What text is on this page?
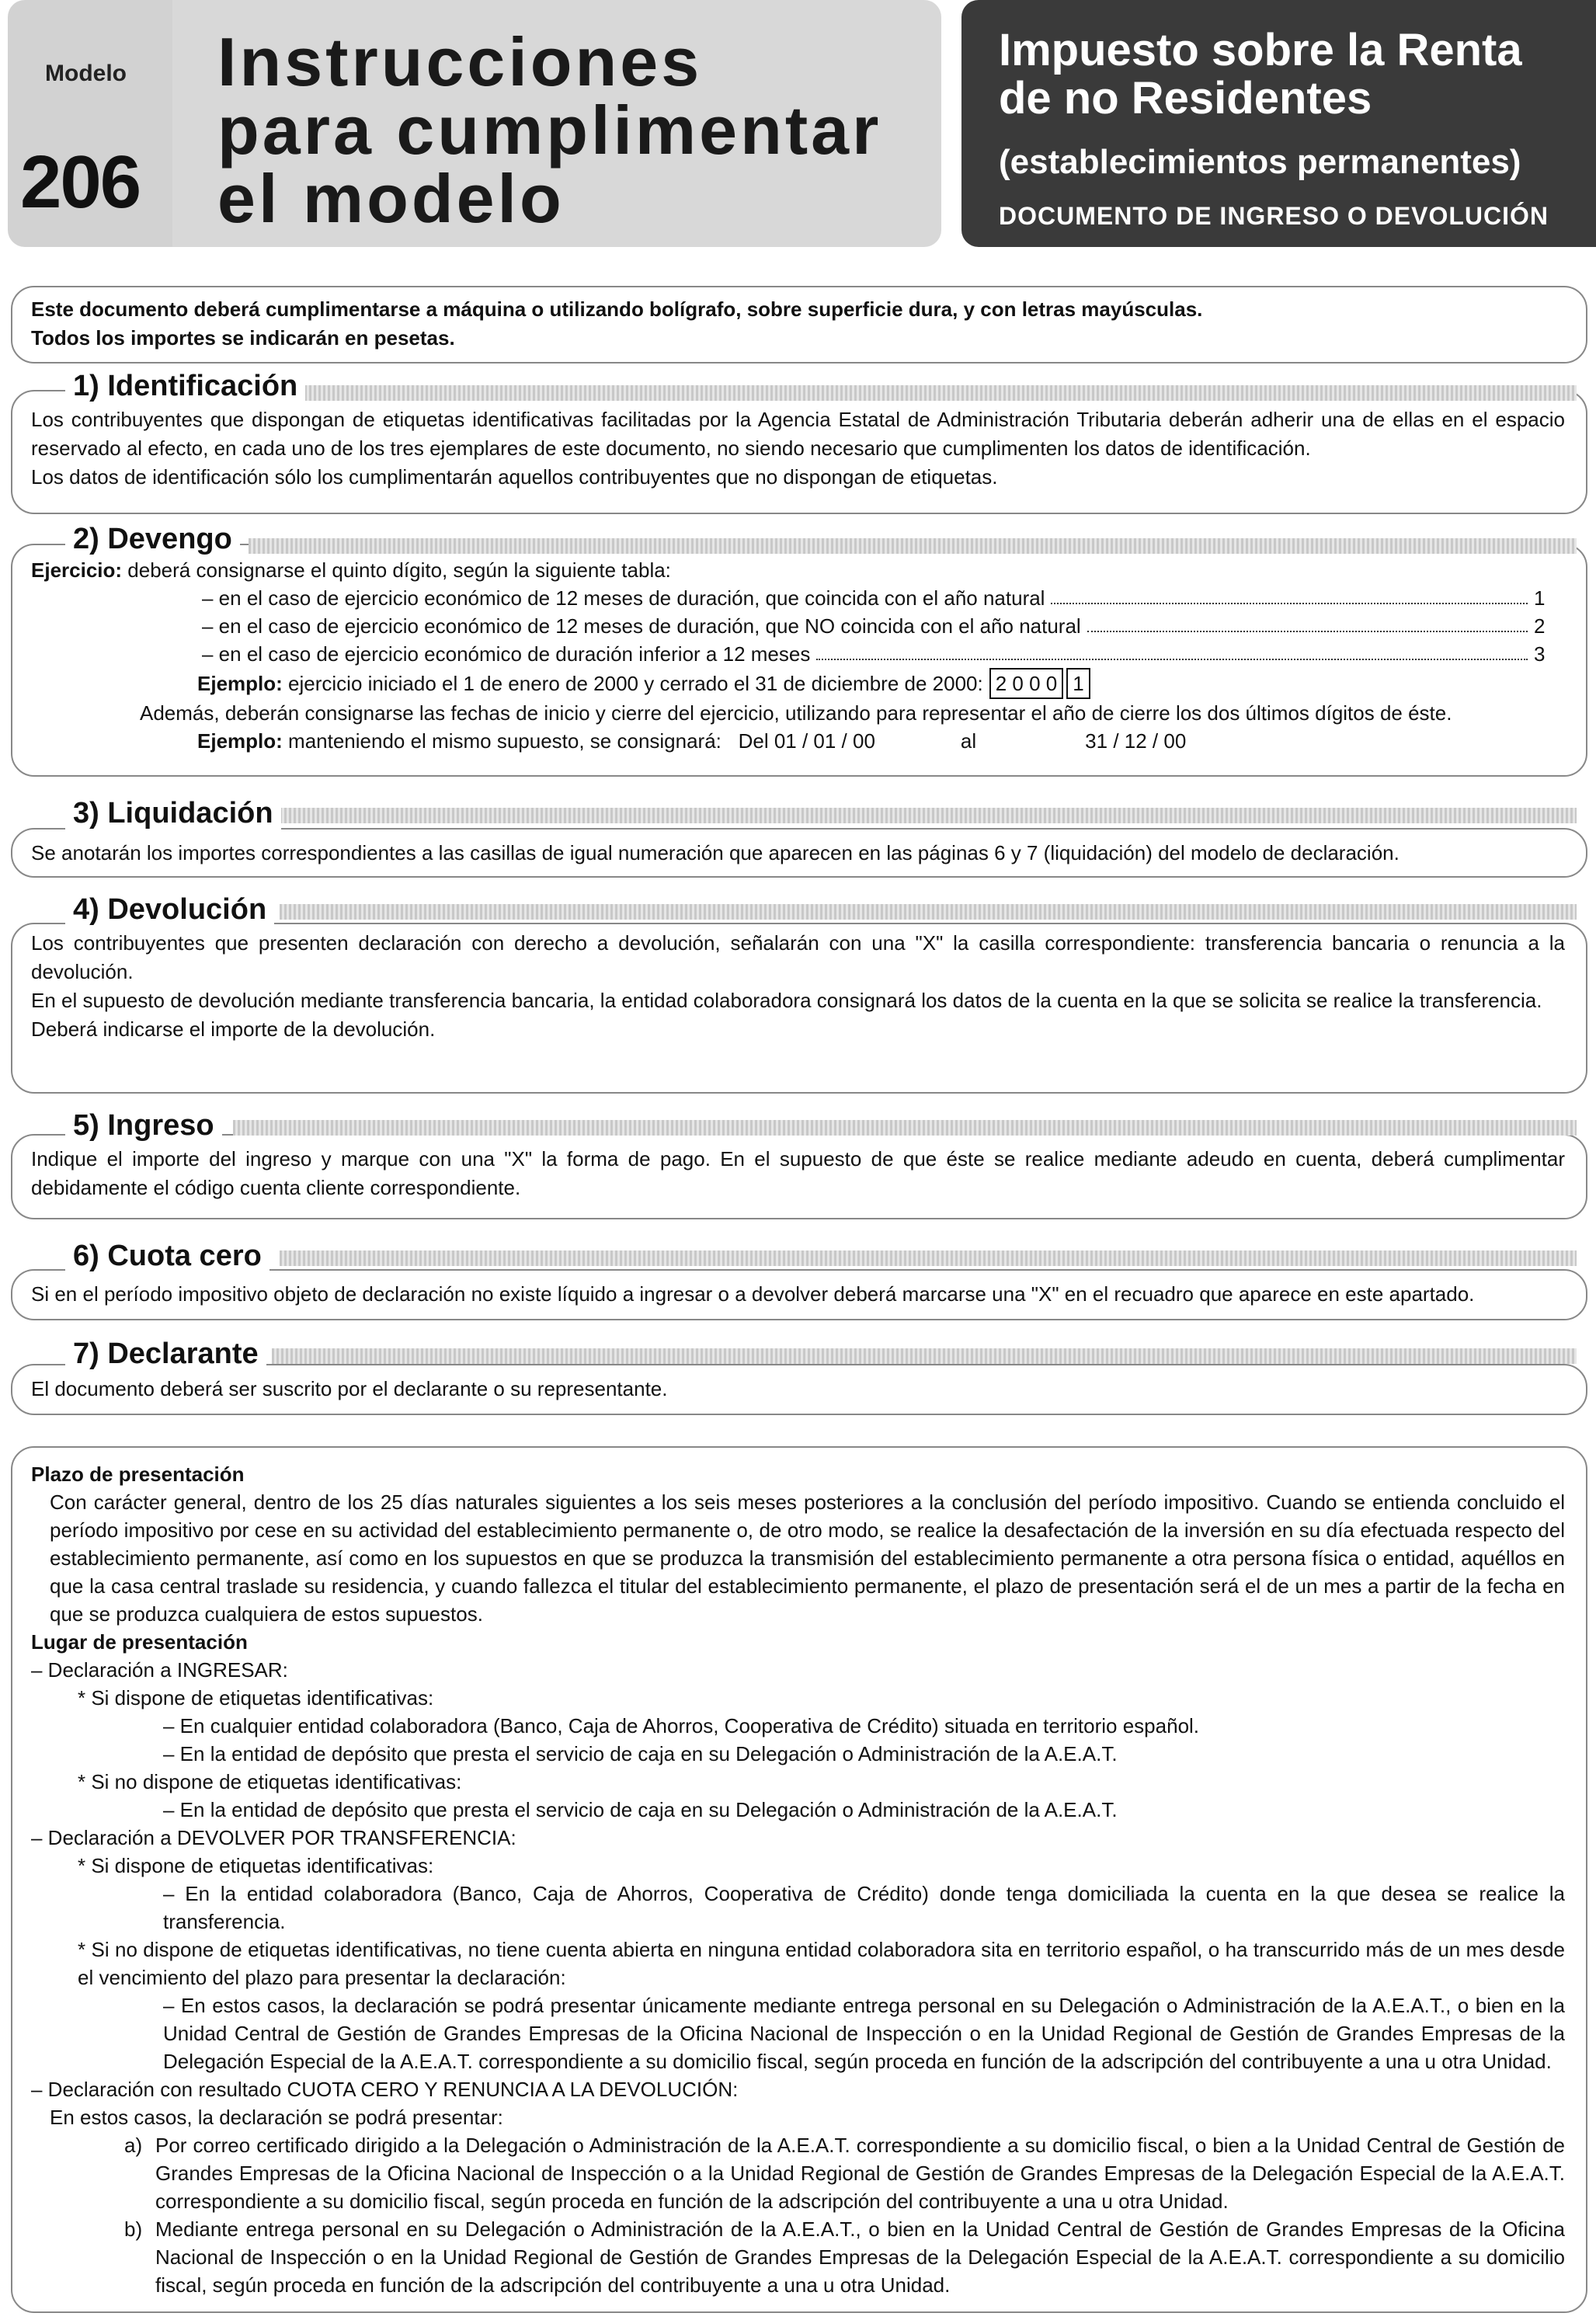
Modelo
206
Instrucciones
para cumplimentar
el modelo
Impuesto sobre la Renta
de no Residentes
(establecimientos permanentes)
DOCUMENTO DE INGRESO O DEVOLUCIÓN

Este documento deberá cumplimentarse a máquina o utilizando bolígrafo, sobre superficie dura, y con letras mayúsculas.

Todos los importes se indicarán en pesetas.

1) Identificación

Los contribuyentes que dispongan de etiquetas identificativas facilitadas por la Agencia Estatal de Administración Tributaria deberán adherir una de ellas en el espacio reservado al efecto, en cada uno de los tres ejemplares de este documento, no siendo necesario que cumplimenten los datos de identificación.

Los datos de identificación sólo los cumplimentarán aquellos contribuyentes que no dispongan de etiquetas.

2) Devengo

Ejercicio: deberá consignarse el quinto dígito, según la siguiente tabla:

– en el caso de ejercicio económico de 12 meses de duración, que coincida con el año natural	1
– en el caso de ejercicio económico de 12 meses de duración, que NO coincida con el año natural	2
– en el caso de ejercicio económico de duración inferior a 12 meses	3

Ejemplo: ejercicio iniciado el 1 de enero de 2000 y cerrado el 31 de diciembre de 2000: 2 0 0 0 1

Además, deberán consignarse las fechas de inicio y cierre del ejercicio, utilizando para representar el año de cierre los dos últimos dígitos de éste.

Ejemplo: manteniendo el mismo supuesto, se consignará: Del 01 / 01 / 00	al	31 / 12 / 00

3) Liquidación

Se anotarán los importes correspondientes a las casillas de igual numeración que aparecen en las páginas 6 y 7 (liquidación) del modelo de declaración.

4) Devolución

Los contribuyentes que presenten declaración con derecho a devolución, señalarán con una "X" la casilla correspondiente: transferencia bancaria o renuncia a la devolución.

En el supuesto de devolución mediante transferencia bancaria, la entidad colaboradora consignará los datos de la cuenta en la que se solicita se realice la transferencia.

Deberá indicarse el importe de la devolución.

5) Ingreso

Indique el importe del ingreso y marque con una "X" la forma de pago. En el supuesto de que éste se realice mediante adeudo en cuenta, deberá cumplimentar debidamente el código cuenta cliente correspondiente.

6) Cuota cero

Si en el período impositivo objeto de declaración no existe líquido a ingresar o a devolver deberá marcarse una "X" en el recuadro que aparece en este apartado.

7) Declarante

El documento deberá ser suscrito por el declarante o su representante.

Plazo de presentación

Con carácter general, dentro de los 25 días naturales siguientes a los seis meses posteriores a la conclusión del período impositivo. Cuando se entienda concluido el período impositivo por cese en su actividad del establecimiento permanente o, de otro modo, se realice la desafectación de la inversión en su día efectuada respecto del establecimiento permanente, así como en los supuestos en que se produzca la transmisión del establecimiento permanente a otra persona física o entidad, aquéllos en que la casa central traslade su residencia, y cuando fallezca el titular del establecimiento permanente, el plazo de presentación será el de un mes a partir de la fecha en que se produzca cualquiera de estos supuestos.

Lugar de presentación

– Declaración a INGRESAR:

* Si dispone de etiquetas identificativas:

– En cualquier entidad colaboradora (Banco, Caja de Ahorros, Cooperativa de Crédito) situada en territorio español.

– En la entidad de depósito que presta el servicio de caja en su Delegación o Administración de la A.E.A.T.

* Si no dispone de etiquetas identificativas:

– En la entidad de depósito que presta el servicio de caja en su Delegación o Administración de la A.E.A.T.

– Declaración a DEVOLVER POR TRANSFERENCIA:

* Si dispone de etiquetas identificativas:

– En la entidad colaboradora (Banco, Caja de Ahorros, Cooperativa de Crédito) donde tenga domiciliada la cuenta en la que desea se realice la transferencia.

* Si no dispone de etiquetas identificativas, no tiene cuenta abierta en ninguna entidad colaboradora sita en territorio español, o ha transcurrido más de un mes desde el vencimiento del plazo para presentar la declaración:

– En estos casos, la declaración se podrá presentar únicamente mediante entrega personal en su Delegación o Administración de la A.E.A.T., o bien en la Unidad Central de Gestión de Grandes Empresas de la Oficina Nacional de Inspección o en la Unidad Regional de Gestión de Grandes Empresas de la Delegación Especial de la A.E.A.T. correspondiente a su domicilio fiscal, según proceda en función de la adscripción del contribuyente a una u otra Unidad.

– Declaración con resultado CUOTA CERO Y RENUNCIA A LA DEVOLUCIÓN:

En estos casos, la declaración se podrá presentar:

a) Por correo certificado dirigido a la Delegación o Administración de la A.E.A.T. correspondiente a su domicilio fiscal, o bien a la Unidad Central de Gestión de Grandes Empresas de la Oficina Nacional de Inspección o a la Unidad Regional de Gestión de Grandes Empresas de la Delegación Especial de la A.E.A.T. correspondiente a su domicilio fiscal, según proceda en función de la adscripción del contribuyente a una u otra Unidad.
b) Mediante entrega personal en su Delegación o Administración de la A.E.A.T., o bien en la Unidad Central de Gestión de Grandes Empresas de la Oficina Nacional de Inspección o en la Unidad Regional de Gestión de Grandes Empresas de la Delegación Especial de la A.E.A.T. correspondiente a su domicilio fiscal, según proceda en función de la adscripción del contribuyente a una u otra Unidad.
